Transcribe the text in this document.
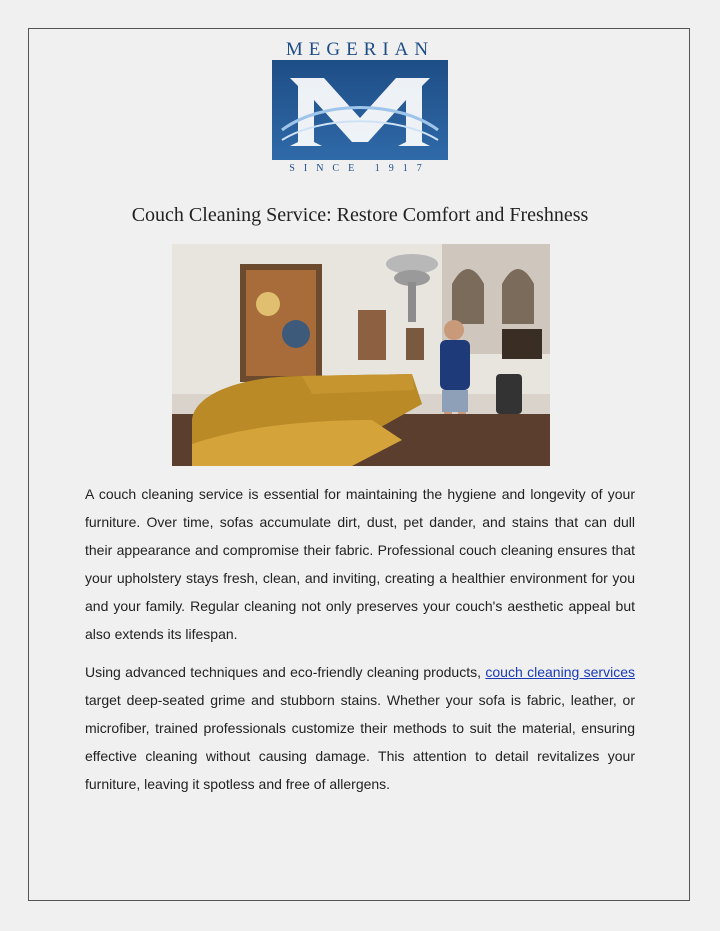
MEGERIAN
SINCE 1917
Couch Cleaning Service: Restore Comfort and Freshness

A couch cleaning service is essential for maintaining the hygiene and longevity of your furniture. Over time, sofas accumulate dirt, dust, pet dander, and stains that can dull their appearance and compromise their fabric. Professional couch cleaning ensures that your upholstery stays fresh, clean, and inviting, creating a healthier environment for you and your family. Regular cleaning not only preserves your couch's aesthetic appeal but also extends its lifespan.

Using advanced techniques and eco-friendly cleaning products, couch cleaning services target deep-seated grime and stubborn stains. Whether your sofa is fabric, leather, or microfiber, trained professionals customize their methods to suit the material, ensuring effective cleaning without causing damage. This attention to detail revitalizes your furniture, leaving it spotless and free of allergens.
